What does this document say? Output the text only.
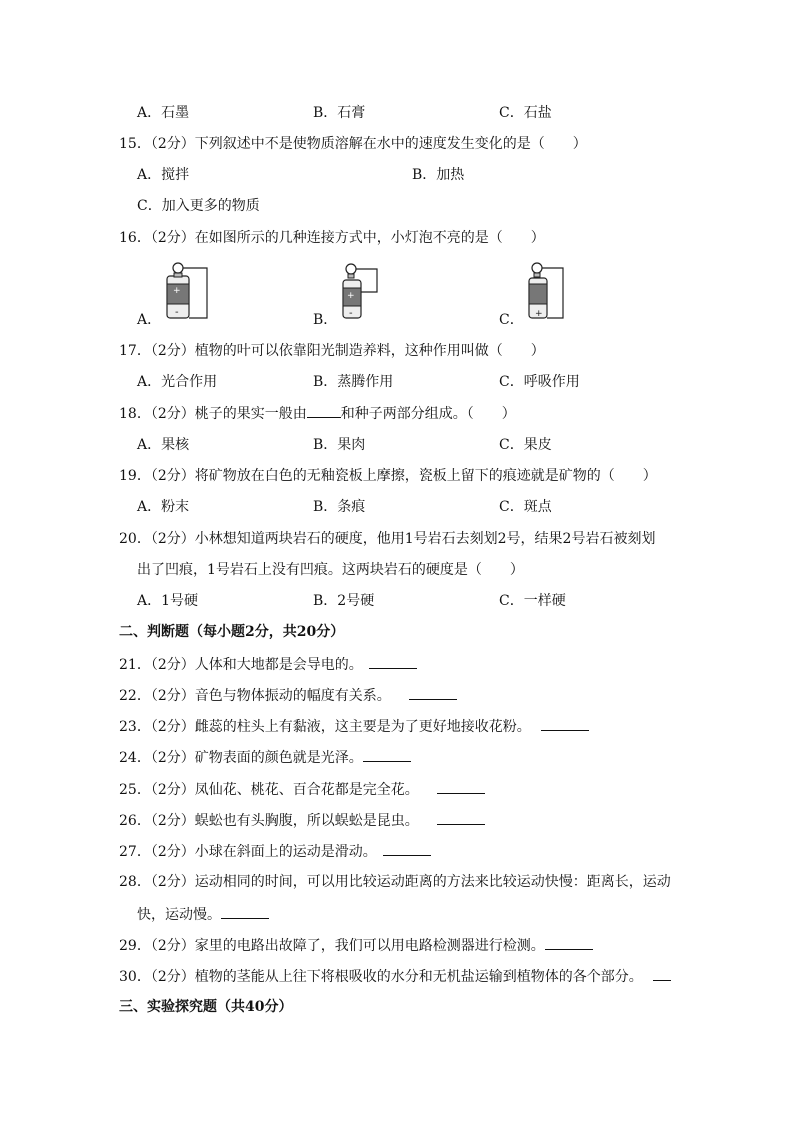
A．石墨	B．石膏	C．石盐
15．（2分）下列叙述中不是使物质溶解在水中的速度发生变化的是（　　）
A．搅拌	B．加热
C．加入更多的物质
16．（2分）在如图所示的几种连接方式中，小灯泡不亮的是（　　）
A．
+
-	B．
+
-	C． +
17．（2分）植物的叶可以依靠阳光制造养料，这种作用叫做（　　）
A．光合作用	B．蒸腾作用	C．呼吸作用
18．（2分）桃子的果实一般由 和种子两部分组成。（　　）
A．果核	B．果肉	C．果皮
19．（2分）将矿物放在白色的无釉瓷板上摩擦，瓷板上留下的痕迹就是矿物的（　　）
A．粉末	B．条痕	C．斑点
20．（2分）小林想知道两块岩石的硬度，他用1号岩石去刻划2号，结果2号岩石被刻划
出了凹痕，1号岩石上没有凹痕。这两块岩石的硬度是（　　）
A．1号硬	B．2号硬	C．一样硬
二、判断题（每小题2分，共20分）
21．（2分）人体和大地都是会导电的。
22．（2分）音色与物体振动的幅度有关系。
23．（2分）雌蕊的柱头上有黏液，这主要是为了更好地接收花粉。
24．（2分）矿物表面的颜色就是光泽。
25．（2分）凤仙花、桃花、百合花都是完全花。
26．（2分）蜈蚣也有头胸腹，所以蜈蚣是昆虫。
27．（2分）小球在斜面上的运动是滑动。
28．（2分）运动相同的时间，可以用比较运动距离的方法来比较运动快慢：距离长，运动
快，运动慢。
29．（2分）家里的电路出故障了，我们可以用电路检测器进行检测。
30．（2分）植物的茎能从上往下将根吸收的水分和无机盐运输到植物体的各个部分。
三、实验探究题（共40分）
